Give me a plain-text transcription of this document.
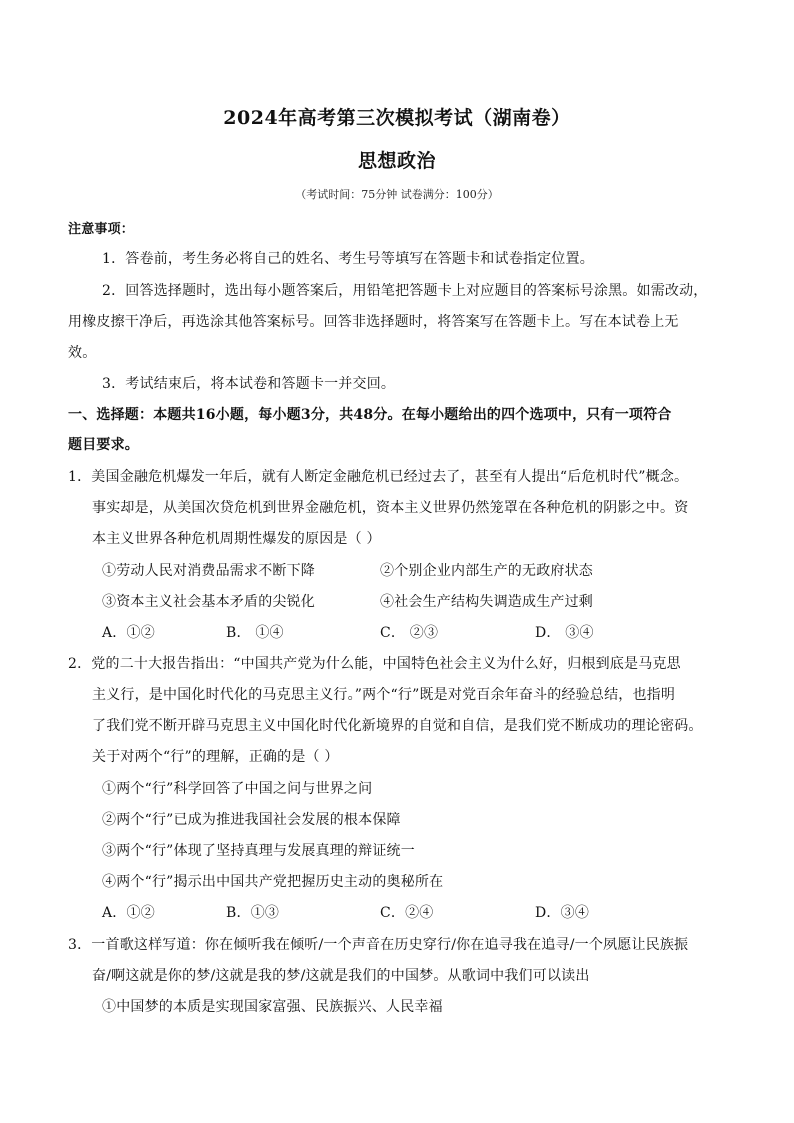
2024年高考第三次模拟考试（湖南卷）
思想政治
（考试时间：75分钟 试卷满分：100分）
注意事项：
1．答卷前，考生务必将自己的姓名、考生号等填写在答题卡和试卷指定位置。
2．回答选择题时，选出每小题答案后，用铅笔把答题卡上对应题目的答案标号涂黑。如需改动，
用橡皮擦干净后，再选涂其他答案标号。回答非选择题时，将答案写在答题卡上。写在本试卷上无
效。
3．考试结束后，将本试卷和答题卡一并交回。
一、选择题：本题共16小题，每小题3分，共48分。在每小题给出的四个选项中，只有一项符合
题目要求。
1．美国金融危机爆发一年后，就有人断定金融危机已经过去了，甚至有人提出“后危机时代”概念。
事实却是，从美国次贷危机到世界金融危机，资本主义世界仍然笼罩在各种危机的阴影之中。资
本主义世界各种危机周期性爆发的原因是（ ）
①劳动人民对消费品需求不断下降	②个别企业内部生产的无政府状态
③资本主义社会基本矛盾的尖锐化	④社会生产结构失调造成生产过剩
A．①②	B． ①④	C． ②③	D． ③④
2．党的二十大报告指出：“中国共产党为什么能，中国特色社会主义为什么好，归根到底是马克思
主义行，是中国化时代化的马克思主义行。”两个“行”既是对党百余年奋斗的经验总结，也指明
了我们党不断开辟马克思主义中国化时代化新境界的自觉和自信，是我们党不断成功的理论密码。
关于对两个“行”的理解，正确的是（ ）
①两个“行”科学回答了中国之问与世界之问
②两个“行”已成为推进我国社会发展的根本保障
③两个“行”体现了坚持真理与发展真理的辩证统一
④两个“行”揭示出中国共产党把握历史主动的奥秘所在
A．①②	B．①③	C．②④	D．③④
3．一首歌这样写道：你在倾听我在倾听/一个声音在历史穿行/你在追寻我在追寻/一个夙愿让民族振
奋/啊这就是你的梦/这就是我的梦/这就是我们的中国梦。从歌词中我们可以读出
①中国梦的本质是实现国家富强、民族振兴、人民幸福
